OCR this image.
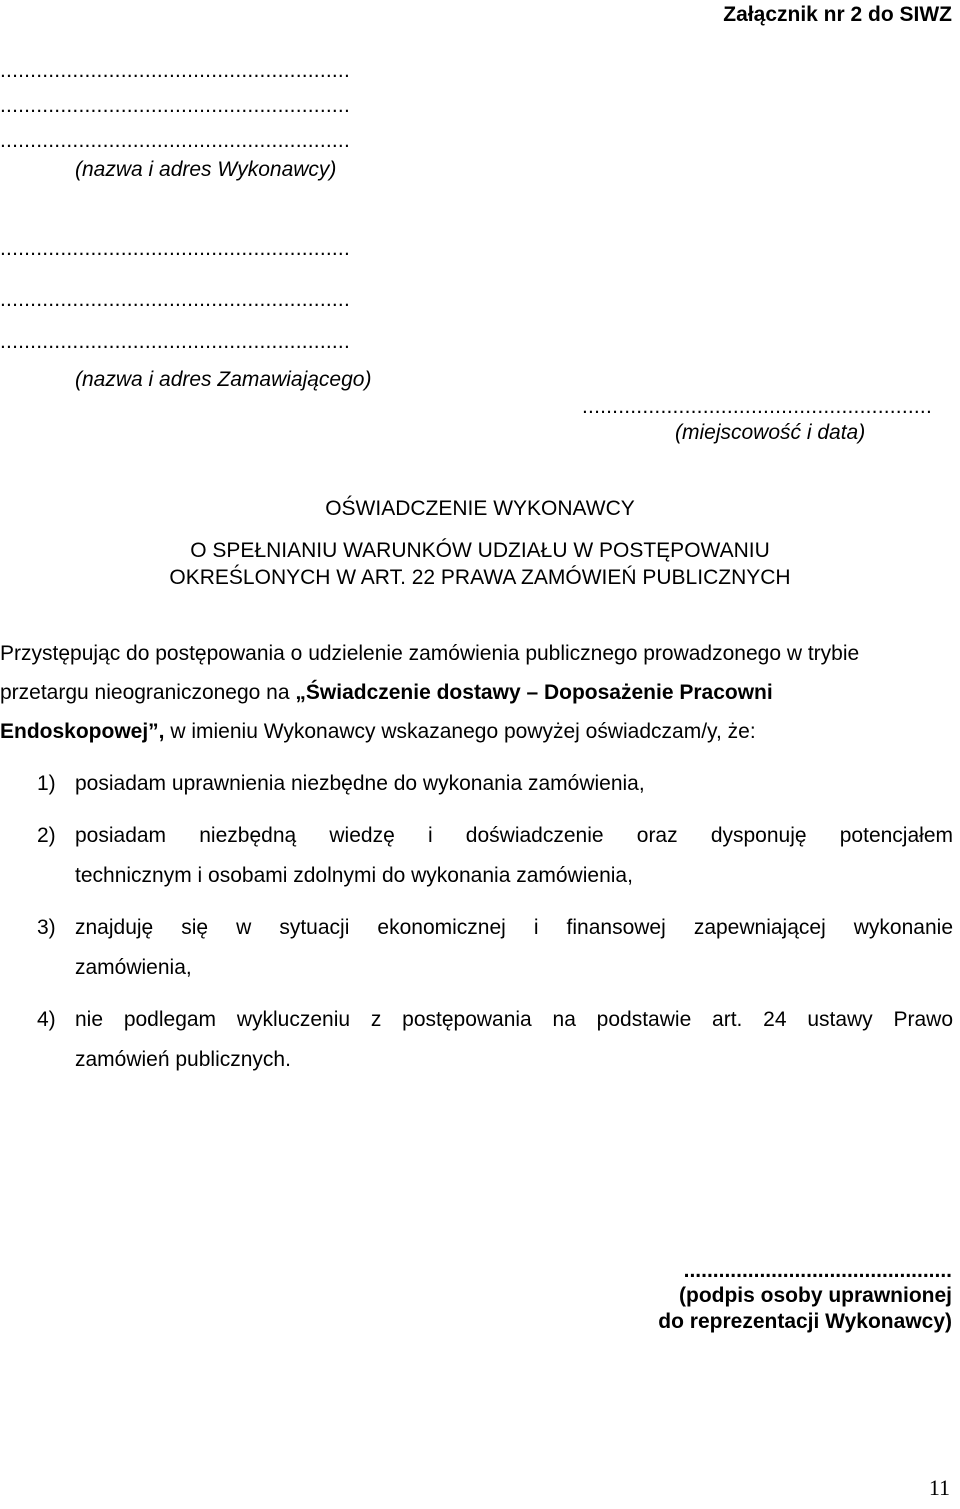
Załącznik nr 2 do SIWZ
..........................................................
..........................................................
..........................................................
(nazwa i adres Wykonawcy)
..........................................................
..........................................................
..........................................................
(nazwa i adres Zamawiającego)
..........................................................
(miejscowość i data)
OŚWIADCZENIE WYKONAWCY
O SPEŁNIANIU WARUNKÓW UDZIAŁU W POSTĘPOWANIU
OKREŚLONYCH W ART. 22 PRAWA ZAMÓWIEŃ PUBLICZNYCH
Przystępując do postępowania o udzielenie zamówienia publicznego prowadzonego w trybie
przetargu nieograniczonego na „Świadczenie dostawy – Doposażenie Pracowni
Endoskopowej”, w imieniu Wykonawcy wskazanego powyżej oświadczam/y, że:
1) posiadam uprawnienia niezbędne do wykonania zamówienia,
2) posiadam niezbędną wiedzę i doświadczenie oraz dysponuję potencjałem
technicznym i osobami zdolnymi do wykonania zamówienia,
3) znajduję się w sytuacji ekonomicznej i finansowej zapewniającej wykonanie
zamówienia,
4) nie podlegam wykluczeniu z postępowania na podstawie art. 24 ustawy Prawo
zamówień publicznych.
..............................................
(podpis osoby uprawnionej
do reprezentacji Wykonawcy)
11
